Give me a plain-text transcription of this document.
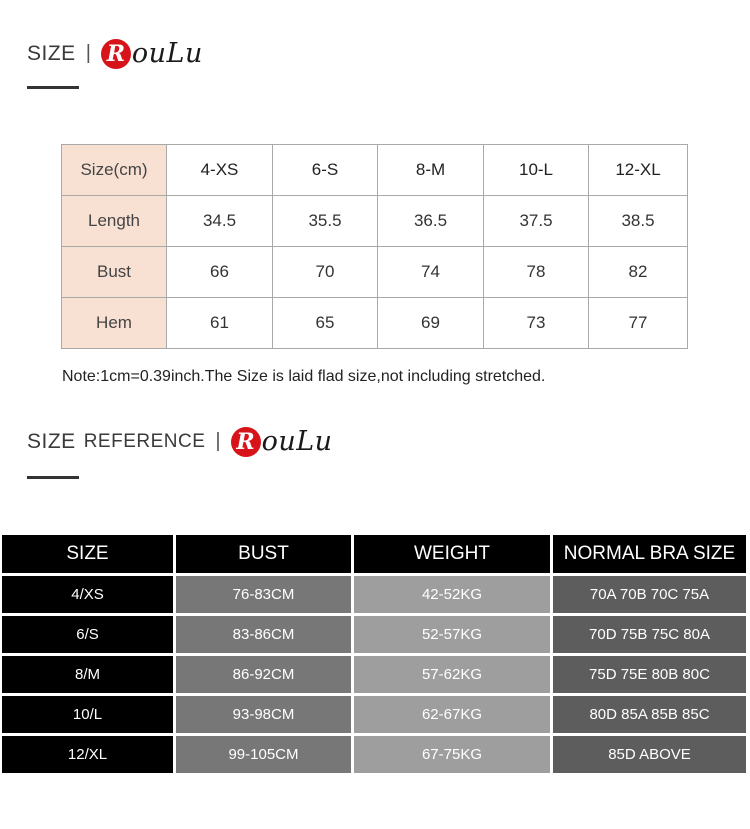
SIZE | R ouLu
Size(cm)	4-XS	6-S	8-M	10-L	12-XL
Length	34.5	35.5	36.5	37.5	38.5
Bust	66	70	74	78	82
Hem	61	65	69	73	77
Note:1cm=0.39inch.The Size is laid flad size,not including stretched.
SIZE REFERENCE | R ouLu
SIZE	BUST	WEIGHT	NORMAL BRA SIZE
4/XS	76-83CM	42-52KG	70A 70B 70C 75A
6/S	83-86CM	52-57KG	70D 75B 75C 80A
8/M	86-92CM	57-62KG	75D 75E 80B 80C
10/L	93-98CM	62-67KG	80D 85A 85B 85C
12/XL	99-105CM	67-75KG	85D ABOVE
